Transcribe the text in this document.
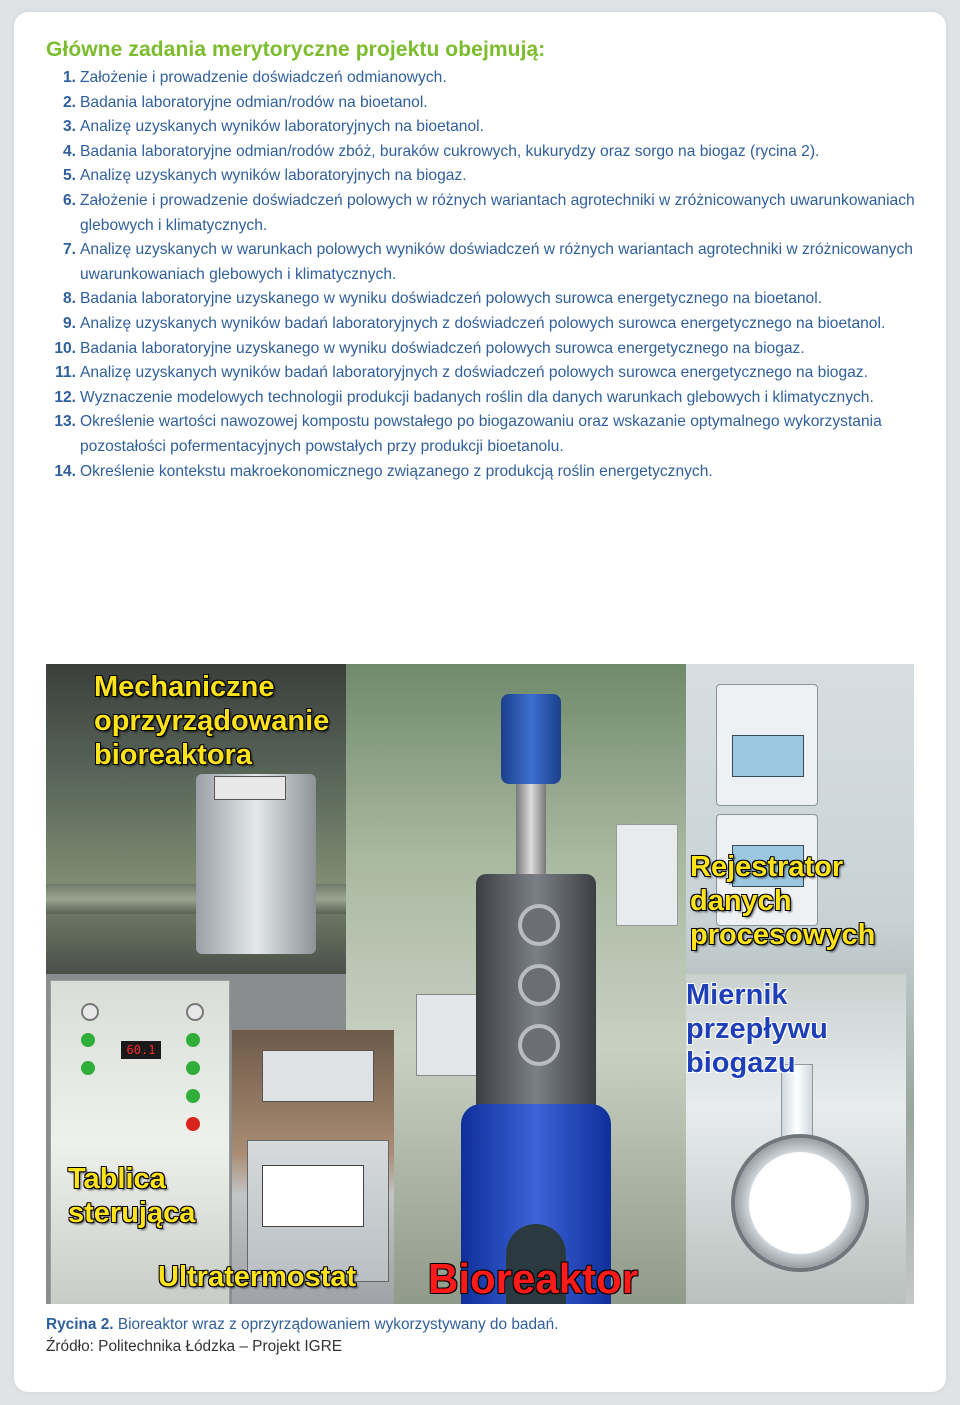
Główne zadania merytoryczne projektu obejmują:
1. Założenie i prowadzenie doświadczeń odmianowych.
2. Badania laboratoryjne odmian/rodów na bioetanol.
3. Analizę uzyskanych wyników laboratoryjnych na bioetanol.
4. Badania laboratoryjne odmian/rodów zbóż, buraków cukrowych, kukurydzy oraz sorgo na biogaz (rycina 2).
5. Analizę uzyskanych wyników laboratoryjnych na biogaz.
6. Założenie i prowadzenie doświadczeń polowych w różnych wariantach agrotechniki w zróżnicowanych uwarunkowaniach glebowych i klimatycznych.
7. Analizę uzyskanych w warunkach polowych wyników doświadczeń w różnych wariantach agrotechniki w zróżnicowanych uwarunkowaniach glebowych i klimatycznych.
8. Badania laboratoryjne uzyskanego w wyniku doświadczeń polowych surowca energetycznego na bioetanol.
9. Analizę uzyskanych wyników badań laboratoryjnych z doświadczeń polowych surowca energetycznego na bioetanol.
10. Badania laboratoryjne uzyskanego w wyniku doświadczeń polowych surowca energetycznego na biogaz.
11. Analizę uzyskanych wyników badań laboratoryjnych z doświadczeń polowych surowca energetycznego na biogaz.
12. Wyznaczenie modelowych technologii produkcji badanych roślin dla danych warunkach glebowych i klimatycznych.
13. Określenie wartości nawozowej kompostu powstałego po biogazowaniu oraz wskazanie optymalnego wykorzystania pozostałości pofermentacyjnych powstałych przy produkcji bioetanolu.
14. Określenie kontekstu makroekonomicznego związanego z produkcją roślin energetycznych.
60.1
Mechaniczne
oprzyrządowanie
bioreaktora
Rejestrator
danych
procesowych
Miernik
przepływu
biogazu
Tablica
sterująca
Ultratermostat Bioreaktor
Rycina 2. Bioreaktor wraz z oprzyrządowaniem wykorzystywany do badań.
Źródło: Politechnika Łódzka – Projekt IGRE
